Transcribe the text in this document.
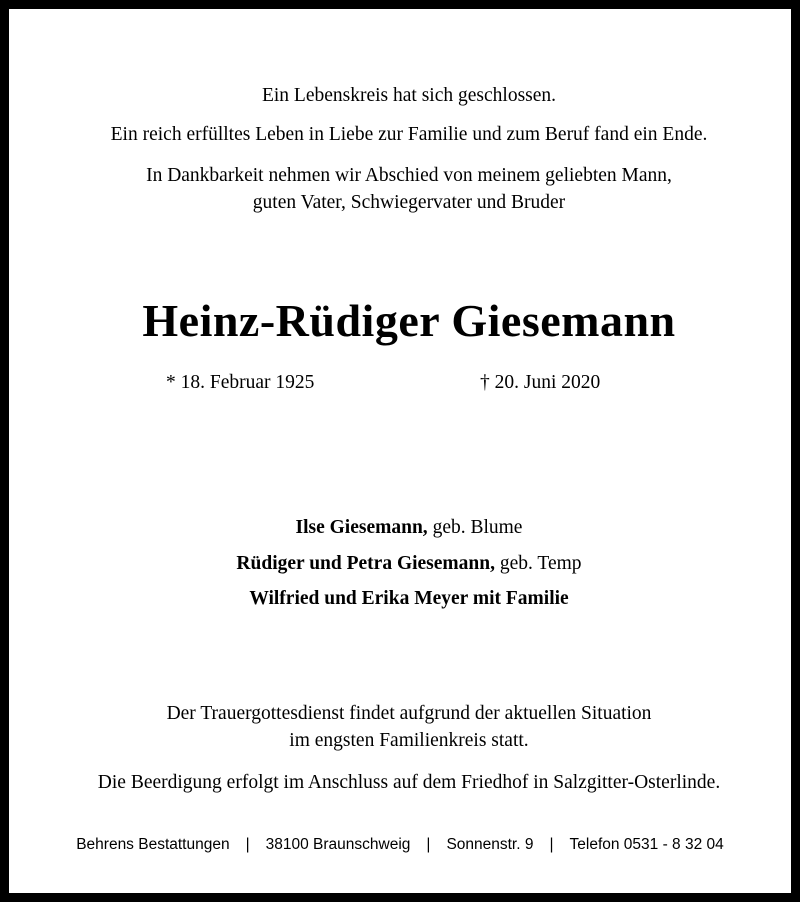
Ein Lebenskreis hat sich geschlossen.
Ein reich erfülltes Leben in Liebe zur Familie und zum Beruf fand ein Ende.
In Dankbarkeit nehmen wir Abschied von meinem geliebten Mann,
guten Vater, Schwiegervater und Bruder
Heinz-Rüdiger Giesemann
* 18. Februar 1925	† 20. Juni 2020
Ilse Giesemann, geb. Blume
Rüdiger und Petra Giesemann, geb. Temp
Wilfried und Erika Meyer mit Familie
Der Trauergottesdienst findet aufgrund der aktuellen Situation
im engsten Familienkreis statt.
Die Beerdigung erfolgt im Anschluss auf dem Friedhof in Salzgitter-Osterlinde.
Behrens Bestattungen | 38100 Braunschweig | Sonnenstr. 9 | Telefon 0531 - 8 32 04
